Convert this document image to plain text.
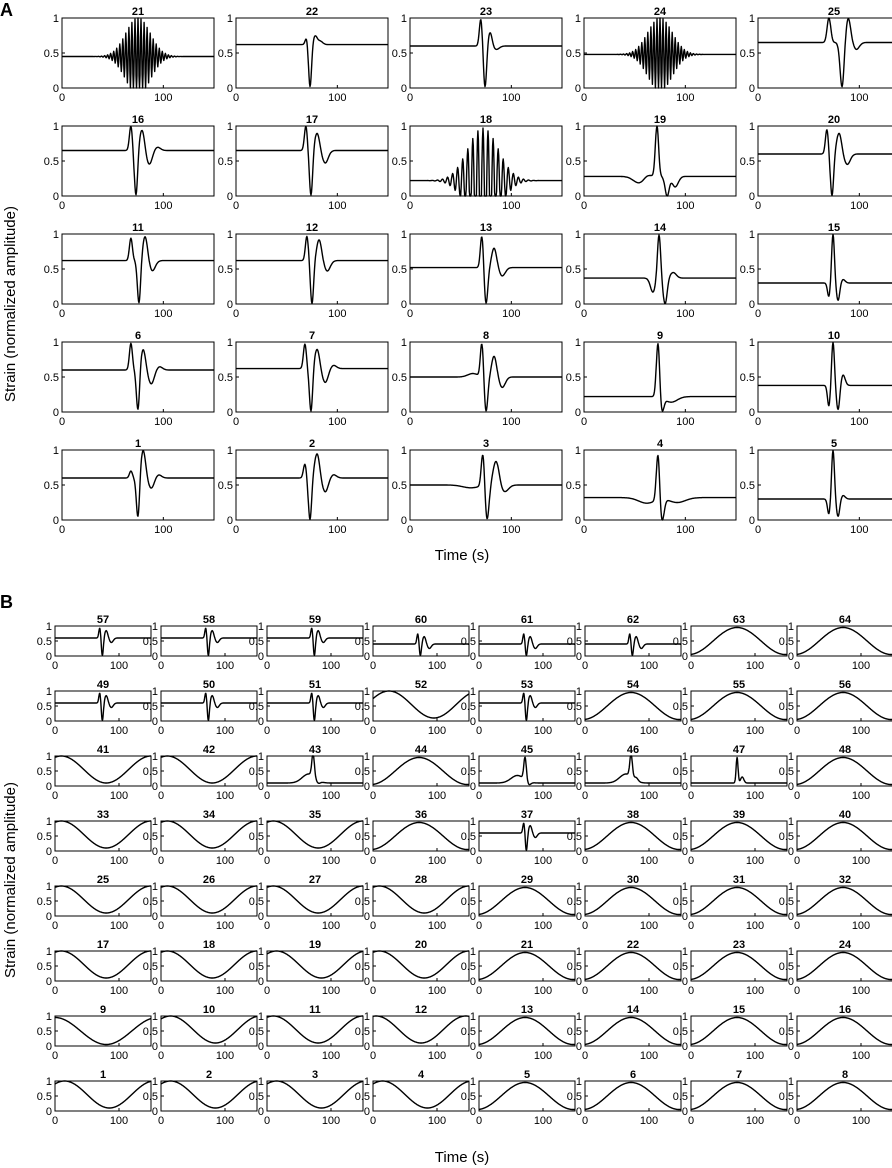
A	21
0
0.5
1
0	100
22
0
0.5
1
0	100
23
0
0.5
1
0	100
24
0
0.5
1
0	100
25
0
0.5
1
0	100
16
0
0.5
1
0	100
17
0
0.5
1
0	100
18
0
0.5
1
0	100
19
0
0.5
1
0	100
20
0
0.5
1
0	100
11
0
0.5
1
0	100
12
0
0.5
1
0	100
13
0
0.5
1
0	100
14
0
0.5
1
0	100
15
0
0.5
1
0	100
6
0
0.5
1
0	100
7
0
0.5
1
0	100
8
0
0.5
1
0	100
9
0
0.5
1
0	100
10
0
0.5
1
0	100
1
0
0.5
1
0	100
2
0
0.5
1
0	100
3
0
0.5
1
0	100
4
0
0.5
1
0	100
5
0
0.5
1
0	100
Strain (normalized amplitude)
Time (s)
B
57
0
0.5
1
0	100
58
0
0.5
1
0	100
59
0
0.5
1
0	100
60
0
0.5
1
0	100
61
0
0.5
1
0	100
62
0
0.5
1
0	100
63
0
0.5
1
0	100
64
0
0.5
1
0	100
49
0
0.5
1
0	100
50
0
0.5
1
0	100
51
0
0.5
1
0	100
52
0
0.5
1
0	100
53
0
0.5
1
0	100
54
0
0.5
1
0	100
55
0
0.5
1
0	100
56
0
0.5
1
0	100
41
0
0.5
1
0	100
42
0
0.5
1
0	100
43
0
0.5
1
0	100
44
0
0.5
1
0	100
45
0
0.5
1
0	100
46
0
0.5
1
0	100
47
0
0.5
1
0	100
48
0
0.5
1
0	100
33
0
0.5
1
0	100
34
0
0.5
1
0	100
35
0
0.5
1
0	100
36
0
0.5
1
0	100
37
0
0.5
1
0	100
38
0
0.5
1
0	100
39
0
0.5
1
0	100
40
0
0.5
1
0	100
25
0
0.5
1
0	100
26
0
0.5
1
0	100
27
0
0.5
1
0	100
28
0
0.5
1
0	100
29
0
0.5
1
0	100
30
0
0.5
1
0	100
31
0
0.5
1
0	100
32
0
0.5
1
0	100
17
0
0.5
1
0	100
18
0
0.5
1
0	100
19
0
0.5
1
0	100
20
0
0.5
1
0	100
21
0
0.5
1
0	100
22
0
0.5
1
0	100
23
0
0.5
1
0	100
24
0
0.5
1
0	100
9
0
0.5
1
0	100
10
0
0.5
1
0	100
11
0
0.5
1
0	100
12
0
0.5
1
0	100
13
0
0.5
1
0	100
14
0
0.5
1
0	100
15
0
0.5
1
0	100
16
0
0.5
1
0	100
1
0
0.5
1
0	100
2
0
0.5
1
0	100
3
0
0.5
1
0	100
4
0
0.5
1
0	100
5
0
0.5
1
0	100
6
0
0.5
1
0	100
7
0
0.5
1
0	100
8
0
0.5
1
0	100
Strain (normalized amplitude)
Time (s)
